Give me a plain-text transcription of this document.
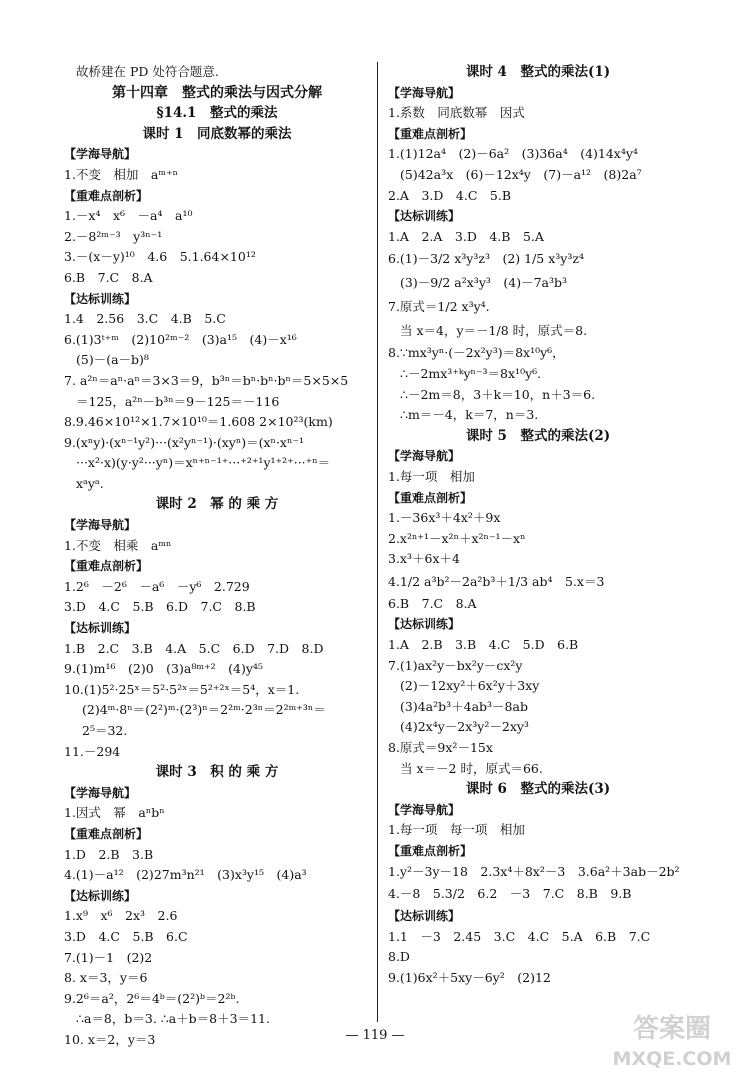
故桥建在 PD 处符合题意.
第十四章　整式的乘法与因式分解
§14.1　整式的乘法
课时 1　同底数幂的乘法
【学海导航】
1.不变　相加　aᵐ⁺ⁿ
【重难点剖析】
1.－x⁴　x⁶　－a⁴　a¹⁰
2.－8²ᵐ⁻³　y³ⁿ⁻¹
3.－(x－y)¹⁰　4.6　5.1.64×10¹²
6.B　7.C　8.A
【达标训练】
1.4　2.56　3.C　4.B　5.C
6.(1)3ᵗ⁺ᵐ　(2)10²ᵐ⁻²　(3)a¹⁵　(4)－x¹⁶
(5)－(a－b)⁸
7. a²ⁿ＝aⁿ·aⁿ＝3×3＝9，b³ⁿ＝bⁿ·bⁿ·bⁿ＝5×5×5
＝125，a²ⁿ－b³ⁿ＝9－125＝－116
8.9.46×10¹²×1.7×10¹⁰＝1.608 2×10²³(km)
9.(xⁿy)·(xⁿ⁻¹y²)···(x²yⁿ⁻¹)·(xyⁿ)＝(xⁿ·xⁿ⁻¹
···x²·x)(y·y²···yⁿ)＝xⁿ⁺ⁿ⁻¹⁺···⁺²⁺¹y¹⁺²⁺···⁺ⁿ＝
xᵃyᵃ.
课时 2　幂 的 乘 方
【学海导航】
1.不变　相乘　aᵐⁿ
【重难点剖析】
1.2⁶　－2⁶　－a⁶　－y⁶　2.729
3.D　4.C　5.B　6.D　7.C　8.B
【达标训练】
1.B　2.C　3.B　4.A　5.C　6.D　7.D　8.D
9.(1)m¹⁶　(2)0　(3)a⁸ᵐ⁺²　(4)y⁴⁵
10.(1)5²·25ˣ＝5²·5²ˣ＝5²⁺²ˣ＝5⁴，x＝1.
(2)4ᵐ·8ⁿ＝(2²)ᵐ·(2³)ⁿ＝2²ᵐ·2³ⁿ＝2²ᵐ⁺³ⁿ＝
2⁵＝32.
11.－294
课时 3　积 的 乘 方
【学海导航】
1.因式　幂　aⁿbⁿ
【重难点剖析】
1.D　2.B　3.B
4.(1)－a¹²　(2)27m³n²¹　(3)x³y¹⁵　(4)a³
【达标训练】
1.x⁹　x⁶　2x³　2.6
3.D　4.C　5.B　6.C
7.(1)－1　(2)2
8. x＝3，y＝6
9.2⁶＝a²，2⁶＝4ᵇ＝(2²)ᵇ＝2²ᵇ.
∴a＝8，b＝3. ∴a＋b＝8＋3＝11.
10. x＝2，y＝3
课时 4　整式的乘法(1)
【学海导航】
1.系数　同底数幂　因式
【重难点剖析】
1.(1)12a⁴　(2)－6a²　(3)36a⁴　(4)14x⁴y⁴
(5)42a³x　(6)－12x⁴y　(7)－a¹²　(8)2a⁷
2.A　3.D　4.C　5.B
【达标训练】
1.A　2.A　3.D　4.B　5.A
6.(1)－3/2 x³y³z³　(2) 1/5 x³y³z⁴
(3)－9/2 a²x³y³　(4)－7a³b³
7.原式＝1/2 x³y⁴.
当 x＝4，y＝－1/8 时，原式＝8.
8.∵mx³yⁿ·(－2x²y³)＝8x¹⁰y⁶，
∴－2mx³⁺ᵏyⁿ⁻³＝8x¹⁰y⁶.
∴－2m＝8，3＋k＝10，n＋3＝6.
∴m＝－4，k＝7，n＝3.
课时 5　整式的乘法(2)
【学海导航】
1.每一项　相加
【重难点剖析】
1.－36x³＋4x²＋9x
2.x²ⁿ⁺¹－x²ⁿ＋x²ⁿ⁻¹－xⁿ
3.x³＋6x＋4
4.1/2 a³b²－2a²b³＋1/3 ab⁴　5.x＝3
6.B　7.C　8.A
【达标训练】
1.A　2.B　3.B　4.C　5.D　6.B
7.(1)ax²y－bx²y－cx²y
(2)－12xy²＋6x²y＋3xy
(3)4a²b³＋4ab³－8ab
(4)2x⁴y－2x³y²－2xy³
8.原式＝9x²－15x
当 x＝－2 时，原式＝66.
课时 6　整式的乘法(3)
【学海导航】
1.每一项　每一项　相加
【重难点剖析】
1.y²－3y－18　2.3x⁴＋8x²－3　3.6a²＋3ab－2b²
4.－8　5.3/2　6.2　－3　7.C　8.B　9.B
【达标训练】
1.1　－3　2.45　3.C　4.C　5.A　6.B　7.C
8.D
9.(1)6x²＋5xy－6y²　(2)12
— 119 —	答案圈
MXQE.COM
